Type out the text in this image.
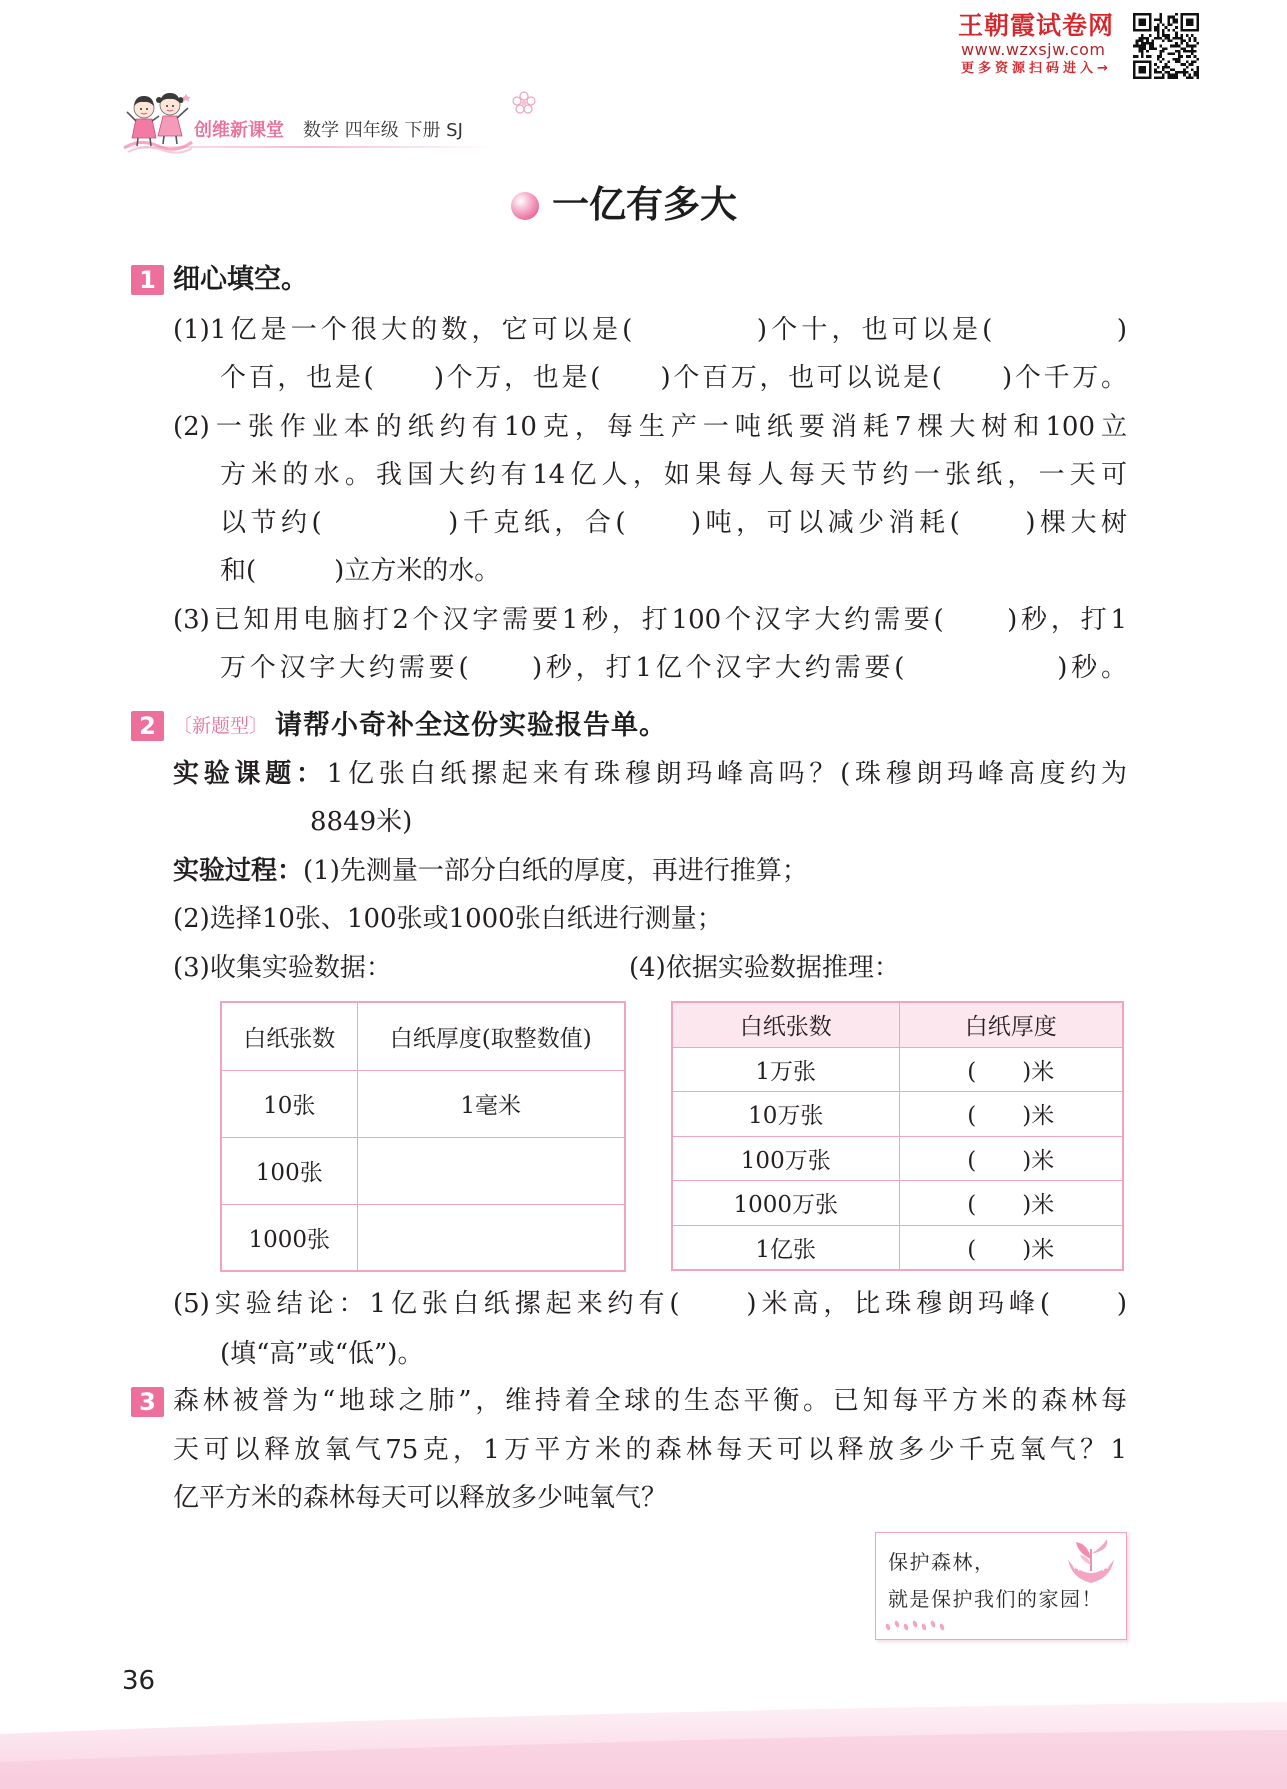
王朝霞试卷网
www.wzxsjw.com
更多资源扫码进入→
创维新课堂 数学 四年级 下册 SJ
一亿有多大
1 细心填空。
(1)1亿是一个很大的数，它可以是(　　　　)个十，也可以是(　　　　)
个百，也是(　　)个万，也是(　　)个百万，也可以说是(　　)个千万。
(2)一张作业本的纸约有10克，每生产一吨纸要消耗7棵大树和100立
方米的水。我国大约有14亿人，如果每人每天节约一张纸，一天可
以节约(　　　　)千克纸，合(　　)吨，可以减少消耗(　　)棵大树
和(　　　)立方米的水。
(3)已知用电脑打2个汉字需要1秒，打100个汉字大约需要(　　)秒，打1
万个汉字大约需要(　　)秒，打1亿个汉字大约需要(　　　　　)秒。
2 〔新题型〕 请帮小奇补全这份实验报告单。
实验课题：1亿张白纸摞起来有珠穆朗玛峰高吗？(珠穆朗玛峰高度约为
8849米)
实验过程：(1)先测量一部分白纸的厚度，再进行推算；
(2)选择10张、100张或1000张白纸进行测量；
(3)收集实验数据：	(4)依据实验数据推理：
白纸张数	白纸厚度(取整数值)
10张	1毫米
100张	
1000张	
白纸张数	白纸厚度
1万张	(　　)米
10万张	(　　)米
100万张	(　　)米
1000万张	(　　)米
1亿张	(　　)米
(5)实验结论：1亿张白纸摞起来约有(　　)米高，比珠穆朗玛峰(　　)
(填“高”或“低”)。
3 森林被誉为“地球之肺”，维持着全球的生态平衡。已知每平方米的森林每
天可以释放氧气75克，1万平方米的森林每天可以释放多少千克氧气？1
亿平方米的森林每天可以释放多少吨氧气？
保护森林，
就是保护我们的家园！
36
